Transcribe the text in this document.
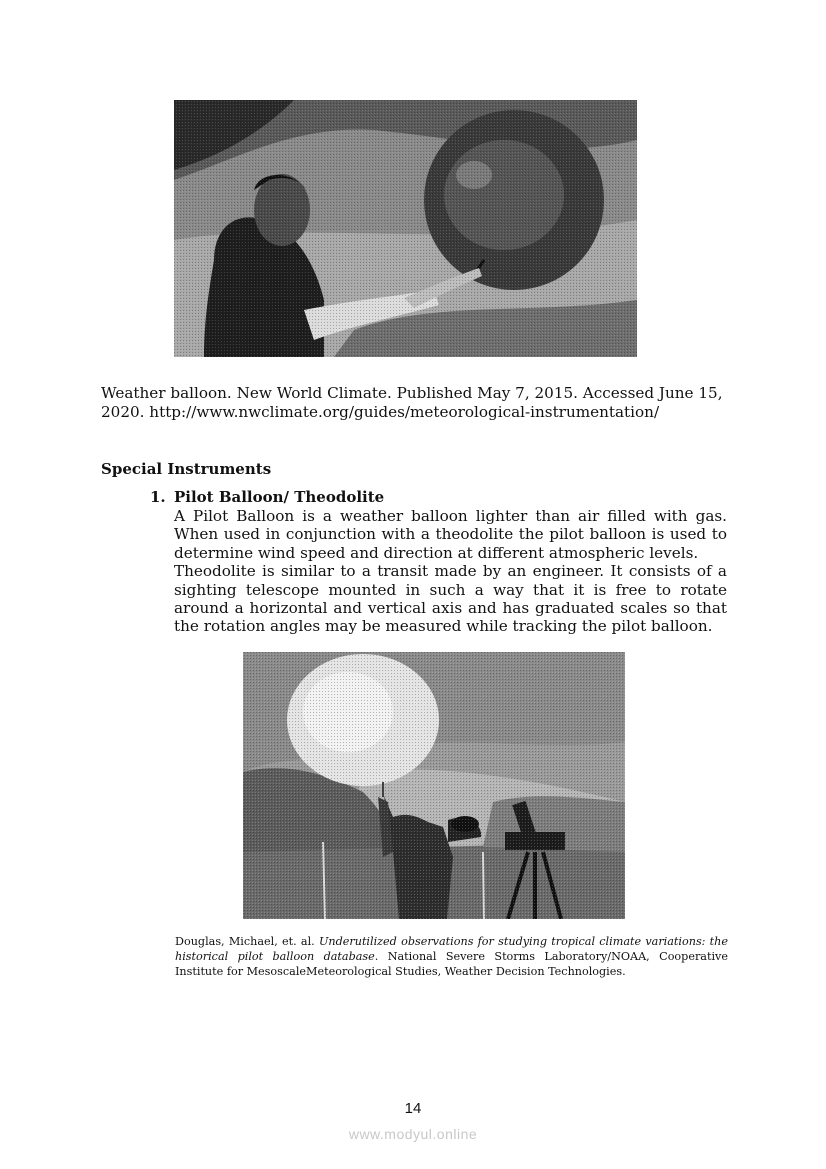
Weather balloon. New World Climate. Published May 7, 2015. Accessed June 15,
2020. http://www.nwclimate.org/guides/meteorological-instrumentation/
Special Instruments
1. Pilot Balloon/ Theodolite

A Pilot Balloon is a weather balloon lighter than air filled with gas. When used in conjunction with a theodolite the pilot balloon is used to determine wind speed and direction at different atmospheric levels.

Theodolite is similar to a transit made by an engineer. It consists of a sighting telescope mounted in such a way that it is free to rotate around a horizontal and vertical axis and has graduated scales so that the rotation angles may be measured while tracking the pilot balloon.

Douglas, Michael, et. al. Underutilized observations for studying tropical climate variations: the historical pilot balloon database. National Severe Storms Laboratory/NOAA, Cooperative Institute for MesoscaleMeteorological Studies, Weather Decision Technologies.
14
www.modyul.online
